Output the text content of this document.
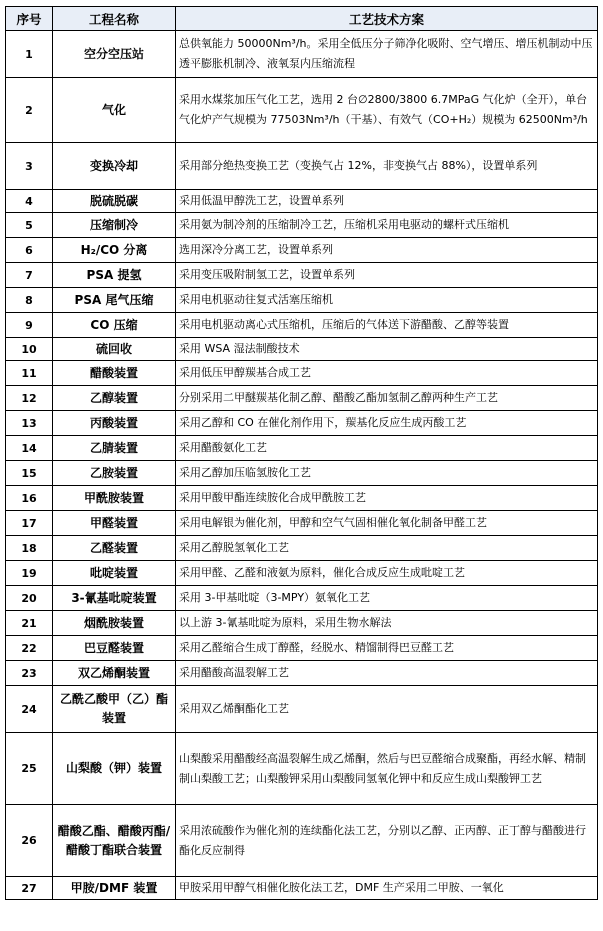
序号	工程名称	工艺技术方案
1	空分空压站	总供氧能力 50000Nm³/h。采用全低压分子筛净化吸附、空气增压、增压机制动中压透平膨胀机制冷、液氧泵内压缩流程
2	气化	采用水煤浆加压气化工艺，选用 2 台∅2800/3800 6.7MPaG 气化炉（全开），单台气化炉产气规模为 77503Nm³/h（干基）、有效气（CO+H₂）规模为 62500Nm³/h
3	变换冷却	采用部分绝热变换工艺（变换气占 12%，非变换气占 88%），设置单系列
4	脱硫脱碳	采用低温甲醇洗工艺，设置单系列
5	压缩制冷	采用氨为制冷剂的压缩制冷工艺，压缩机采用电驱动的螺杆式压缩机
6	H₂/CO 分离	选用深冷分离工艺，设置单系列
7	PSA 提氢	采用变压吸附制氢工艺，设置单系列
8	PSA 尾气压缩	采用电机驱动往复式活塞压缩机
9	CO 压缩	采用电机驱动离心式压缩机，压缩后的气体送下游醋酸、乙醇等装置
10	硫回收	采用 WSA 湿法制酸技术
11	醋酸装置	采用低压甲醇羰基合成工艺
12	乙醇装置	分别采用二甲醚羰基化制乙醇、醋酸乙酯加氢制乙醇两种生产工艺
13	丙酸装置	采用乙醇和 CO 在催化剂作用下，羰基化反应生成丙酸工艺
14	乙腈装置	采用醋酸氨化工艺
15	乙胺装置	采用乙醇加压临氢胺化工艺
16	甲酰胺装置	采用甲酸甲酯连续胺化合成甲酰胺工艺
17	甲醛装置	采用电解银为催化剂，甲醇和空气气固相催化氧化制备甲醛工艺
18	乙醛装置	采用乙醇脱氢氧化工艺
19	吡啶装置	采用甲醛、乙醛和液氨为原料，催化合成反应生成吡啶工艺
20	3-氰基吡啶装置	采用 3-甲基吡啶（3-MPY）氨氧化工艺
21	烟酰胺装置	以上游 3-氰基吡啶为原料，采用生物水解法
22	巴豆醛装置	采用乙醛缩合生成丁醇醛，经脱水、精馏制得巴豆醛工艺
23	双乙烯酮装置	采用醋酸高温裂解工艺
24	乙酰乙酸甲（乙）酯装置	采用双乙烯酮酯化工艺
25	山梨酸（钾）装置	山梨酸采用醋酸经高温裂解生成乙烯酮，然后与巴豆醛缩合成聚酯，再经水解、精制制山梨酸工艺；山梨酸钾采用山梨酸同氢氧化钾中和反应生成山梨酸钾工艺
26	醋酸乙酯、醋酸丙酯/醋酸丁酯联合装置	采用浓硫酸作为催化剂的连续酯化法工艺，分别以乙醇、正丙醇、正丁醇与醋酸进行酯化反应制得
27	甲胺/DMF 装置	甲胺采用甲醇气相催化胺化法工艺，DMF 生产采用二甲胺、一氧化
